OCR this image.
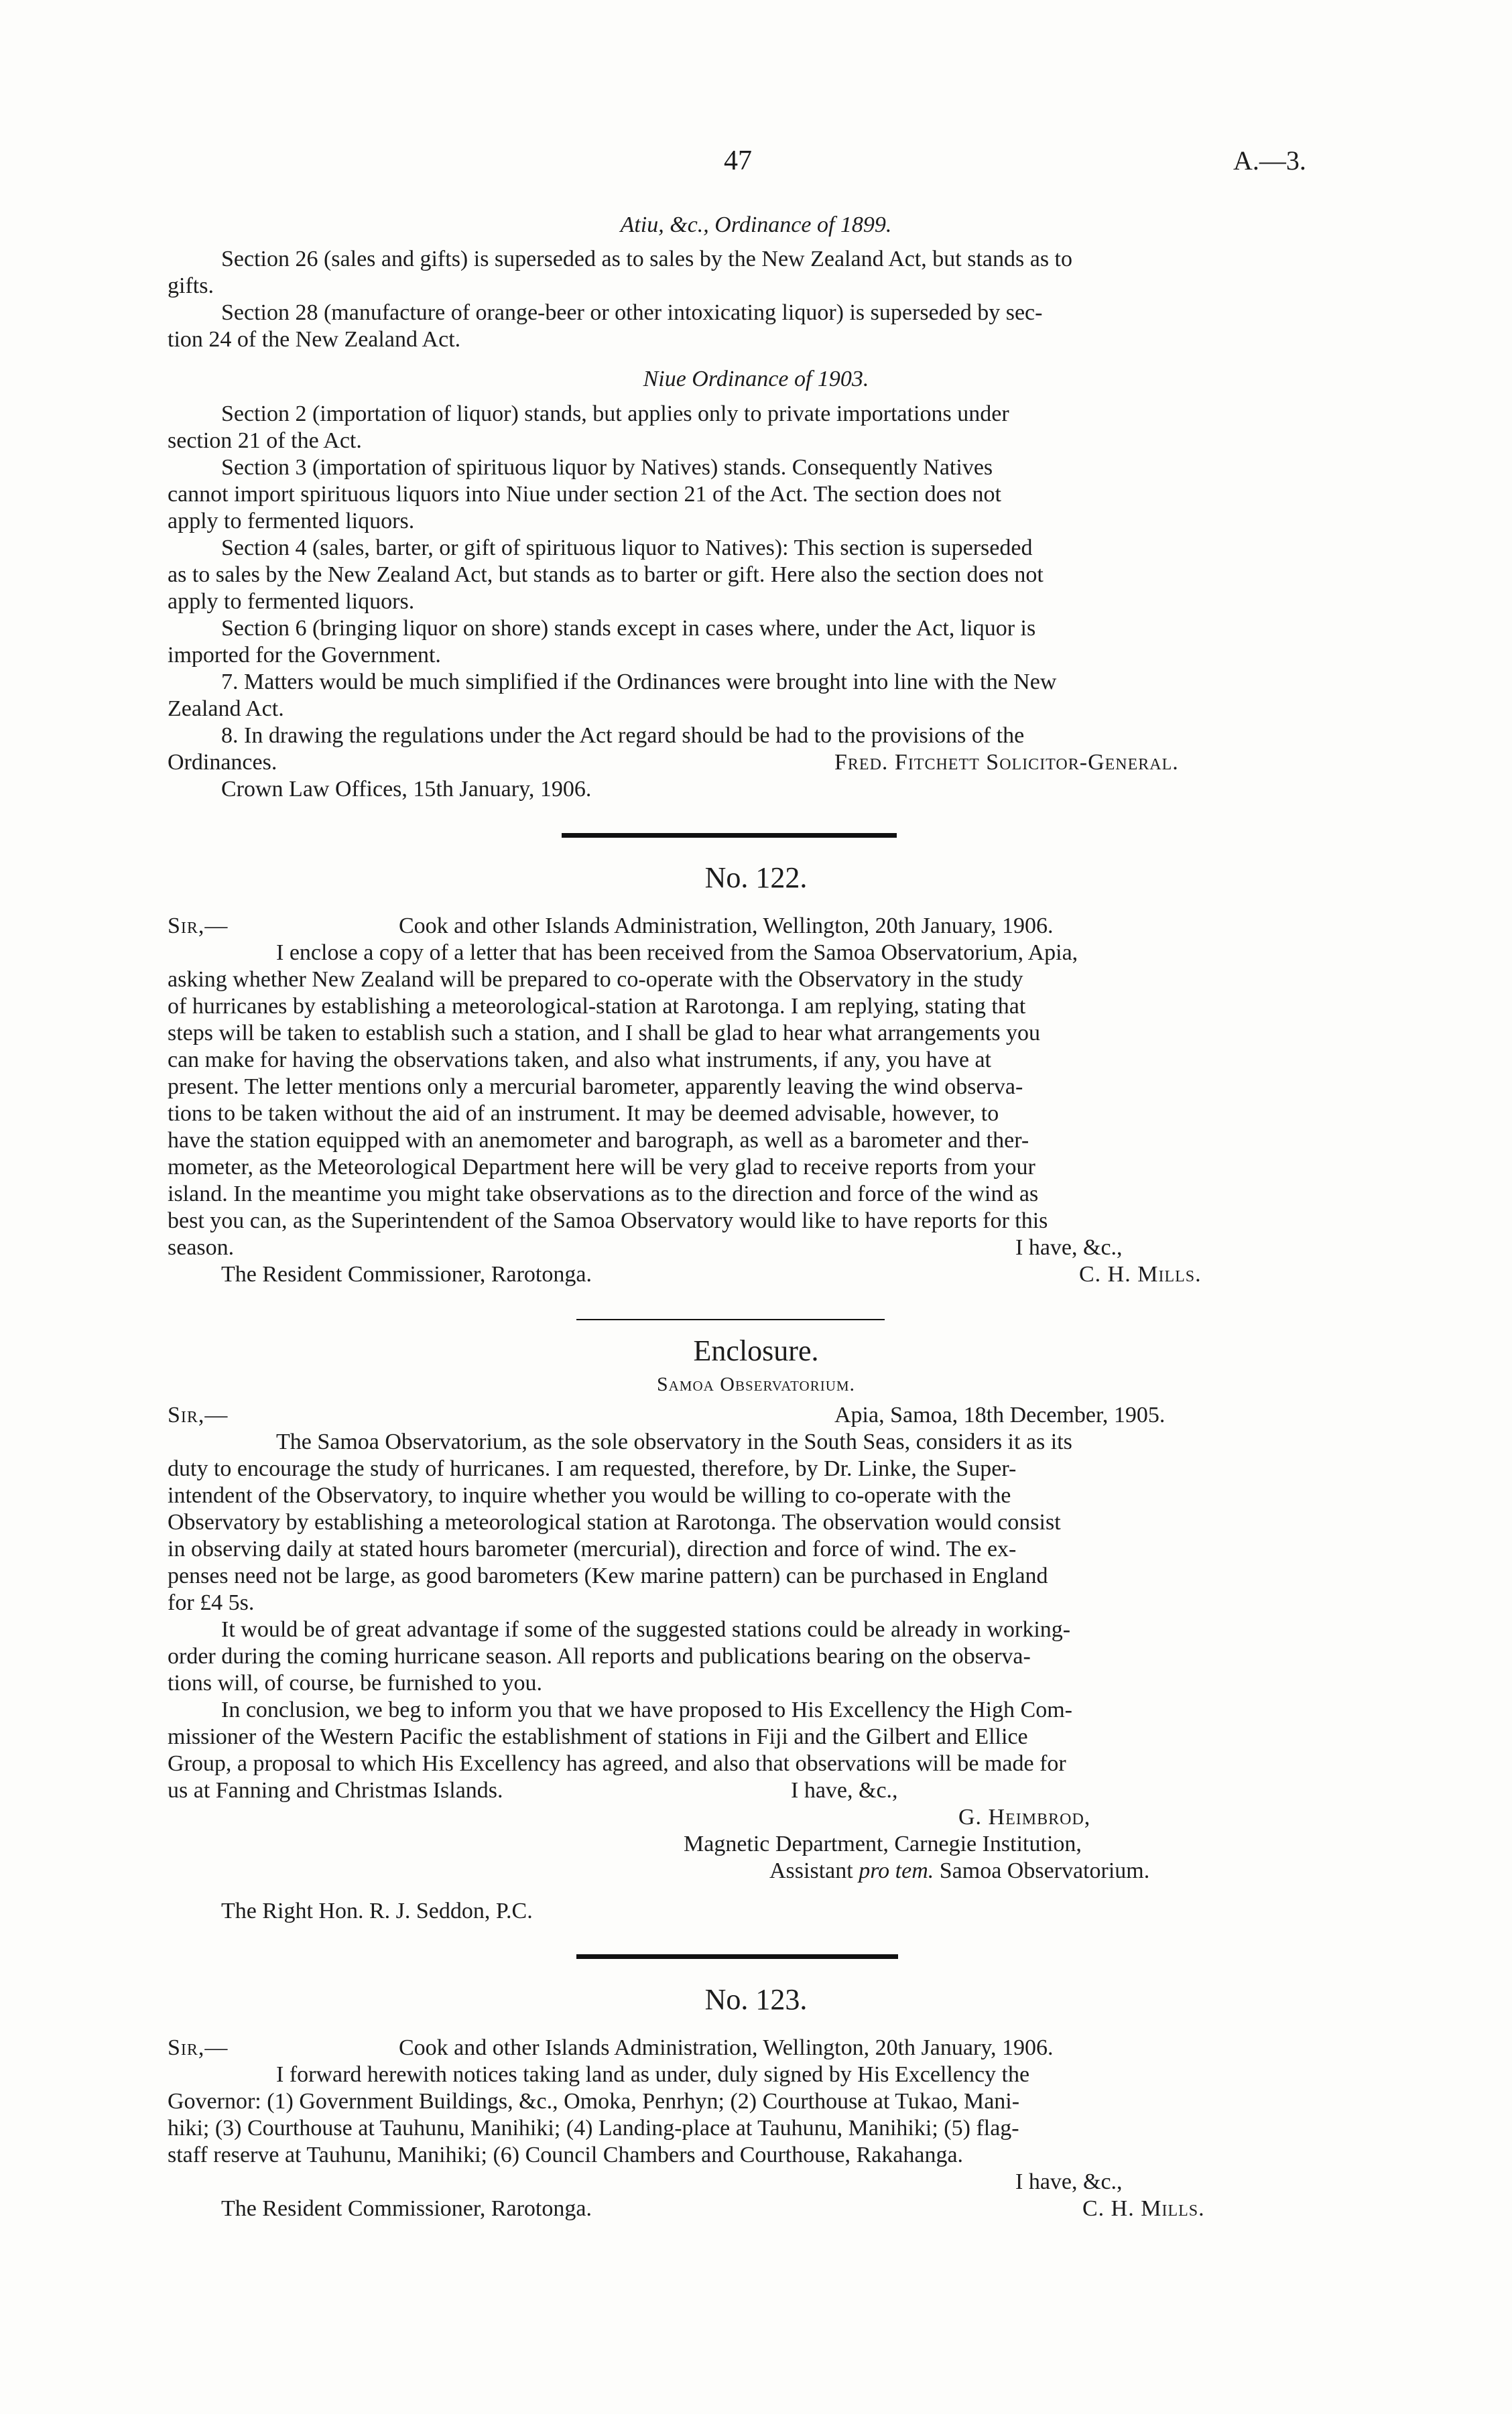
47	A.—3.
Atiu, &c., Ordinance of 1899.
Section 26 (sales and gifts) is superseded as to sales by the New Zealand Act, but stands as to
gifts.
Section 28 (manufacture of orange-beer or other intoxicating liquor) is superseded by sec-
tion 24 of the New Zealand Act.
Niue Ordinance of 1903.
Section 2 (importation of liquor) stands, but applies only to private importations under
section 21 of the Act.
Section 3 (importation of spirituous liquor by Natives) stands. Consequently Natives
cannot import spirituous liquors into Niue under section 21 of the Act. The section does not
apply to fermented liquors.
Section 4 (sales, barter, or gift of spirituous liquor to Natives): This section is superseded
as to sales by the New Zealand Act, but stands as to barter or gift. Here also the section does not
apply to fermented liquors.
Section 6 (bringing liquor on shore) stands except in cases where, under the Act, liquor is
imported for the Government.
7. Matters would be much simplified if the Ordinances were brought into line with the New
Zealand Act.
8. In drawing the regulations under the Act regard should be had to the provisions of the
Ordinances.	Fred. Fitchett Solicitor-General.
Crown Law Offices, 15th January, 1906.
No. 122.
Sir,—	Cook and other Islands Administration, Wellington, 20th January, 1906.
I enclose a copy of a letter that has been received from the Samoa Observatorium, Apia,
asking whether New Zealand will be prepared to co-operate with the Observatory in the study
of hurricanes by establishing a meteorological-station at Rarotonga. I am replying, stating that
steps will be taken to establish such a station, and I shall be glad to hear what arrangements you
can make for having the observations taken, and also what instruments, if any, you have at
present. The letter mentions only a mercurial barometer, apparently leaving the wind observa-
tions to be taken without the aid of an instrument. It may be deemed advisable, however, to
have the station equipped with an anemometer and barograph, as well as a barometer and ther-
mometer, as the Meteorological Department here will be very glad to receive reports from your
island. In the meantime you might take observations as to the direction and force of the wind as
best you can, as the Superintendent of the Samoa Observatory would like to have reports for this
season.	I have, &c.,
The Resident Commissioner, Rarotonga.	C. H. Mills.
Enclosure.
Samoa Observatorium.
Sir,—	Apia, Samoa, 18th December, 1905.
The Samoa Observatorium, as the sole observatory in the South Seas, considers it as its
duty to encourage the study of hurricanes. I am requested, therefore, by Dr. Linke, the Super-
intendent of the Observatory, to inquire whether you would be willing to co-operate with the
Observatory by establishing a meteorological station at Rarotonga. The observation would consist
in observing daily at stated hours barometer (mercurial), direction and force of wind. The ex-
penses need not be large, as good barometers (Kew marine pattern) can be purchased in England
for £4 5s.
It would be of great advantage if some of the suggested stations could be already in working-
order during the coming hurricane season. All reports and publications bearing on the observa-
tions will, of course, be furnished to you.
In conclusion, we beg to inform you that we have proposed to His Excellency the High Com-
missioner of the Western Pacific the establishment of stations in Fiji and the Gilbert and Ellice
Group, a proposal to which His Excellency has agreed, and also that observations will be made for
us at Fanning and Christmas Islands.	I have, &c.,
G. Heimbrod,
Magnetic Department, Carnegie Institution,
Assistant pro tem. Samoa Observatorium.
The Right Hon. R. J. Seddon, P.C.
No. 123.
Sir,—	Cook and other Islands Administration, Wellington, 20th January, 1906.
I forward herewith notices taking land as under, duly signed by His Excellency the
Governor: (1) Government Buildings, &c., Omoka, Penrhyn; (2) Courthouse at Tukao, Mani-
hiki; (3) Courthouse at Tauhunu, Manihiki; (4) Landing-place at Tauhunu, Manihiki; (5) flag-
staff reserve at Tauhunu, Manihiki; (6) Council Chambers and Courthouse, Rakahanga.
I have, &c.,
The Resident Commissioner, Rarotonga.	C. H. Mills.
